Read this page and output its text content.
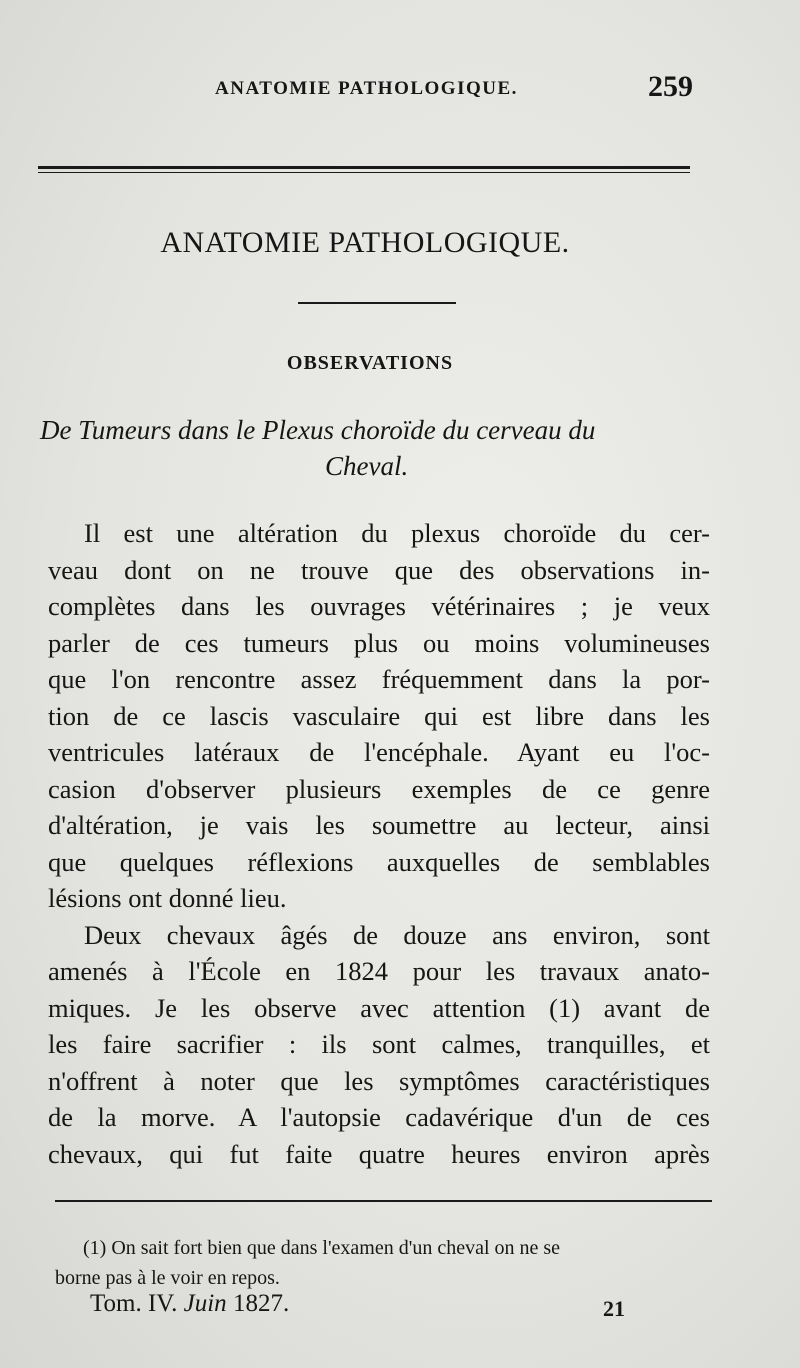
ANATOMIE PATHOLOGIQUE.	259
ANATOMIE PATHOLOGIQUE.
OBSERVATIONS
De Tumeurs dans le Plexus choroïde du cerveau du
Cheval.
Il est une altération du plexus choroïde du cer-
veau dont on ne trouve que des observations in-
complètes dans les ouvrages vétérinaires ; je veux
parler de ces tumeurs plus ou moins volumineuses
que l'on rencontre assez fréquemment dans la por-
tion de ce lascis vasculaire qui est libre dans les
ventricules latéraux de l'encéphale. Ayant eu l'oc-
casion d'observer plusieurs exemples de ce genre
d'altération, je vais les soumettre au lecteur, ainsi
que quelques réflexions auxquelles de semblables
lésions ont donné lieu.
Deux chevaux âgés de douze ans environ, sont
amenés à l'École en 1824 pour les travaux anato-
miques. Je les observe avec attention (1) avant de
les faire sacrifier : ils sont calmes, tranquilles, et
n'offrent à noter que les symptômes caractéristiques
de la morve. A l'autopsie cadavérique d'un de ces
chevaux, qui fut faite quatre heures environ après
(1) On sait fort bien que dans l'examen d'un cheval on ne se
borne pas à le voir en repos.
Tom. IV. Juin 1827.	21
